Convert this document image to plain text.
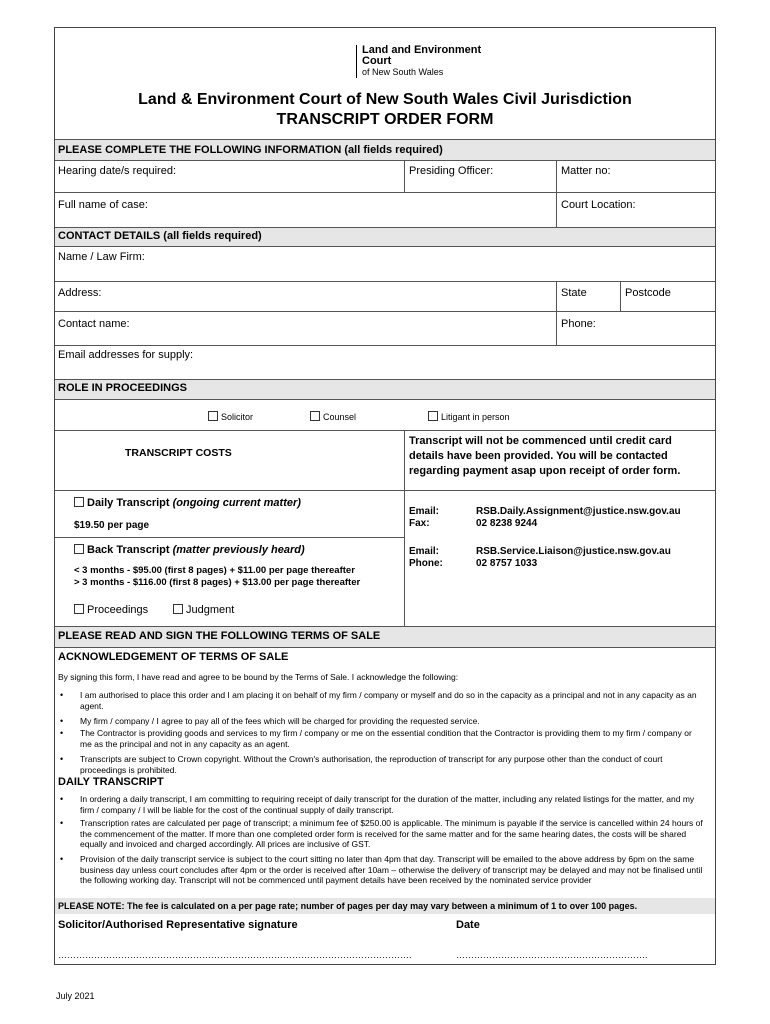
Land and Environment
Court
of New South Wales
Land & Environment Court of New South Wales Civil Jurisdiction
TRANSCRIPT ORDER FORM
PLEASE COMPLETE THE FOLLOWING INFORMATION (all fields required)
Hearing date/s required:	Presiding Officer:	Matter no:
Full name of case:	Court Location:
CONTACT DETAILS (all fields required)
Name / Law Firm:
Address:	State	Postcode
Contact name:	Phone:
Email addresses for supply:
ROLE IN PROCEEDINGS
Solicitor	Counsel	Litigant in person
TRANSCRIPT COSTS
Transcript will not be commenced until credit card details have been provided. You will be contacted regarding payment asap upon receipt of order form.
Daily Transcript (ongoing current matter)
$19.50 per page
Email:	RSB.Daily.Assignment@justice.nsw.gov.au
Fax:	02 8238 9244
Back Transcript (matter previously heard)
< 3 months - $95.00 (first 8 pages) + $11.00 per page thereafter
> 3 months - $116.00 (first 8 pages) + $13.00 per page thereafter
Email:	RSB.Service.Liaison@justice.nsw.gov.au
Phone:	02 8757 1033
Proceedings	Judgment
PLEASE READ AND SIGN THE FOLLOWING TERMS OF SALE
ACKNOWLEDGEMENT OF TERMS OF SALE
By signing this form, I have read and agree to be bound by the Terms of Sale. I acknowledge the following:
• I am authorised to place this order and I am placing it on behalf of my firm / company or myself and do so in the capacity as a principal and not in any capacity as an agent.
• My firm / company / I agree to pay all of the fees which will be charged for providing the requested service.
• The Contractor is providing goods and services to my firm / company or me on the essential condition that the Contractor is providing them to my firm / company or me as the principal and not in any capacity as an agent.
• Transcripts are subject to Crown copyright. Without the Crown's authorisation, the reproduction of transcript for any purpose other than the conduct of court proceedings is prohibited.
DAILY TRANSCRIPT
• In ordering a daily transcript, I am committing to requiring receipt of daily transcript for the duration of the matter, including any related listings for the matter, and my firm / company / I will be liable for the cost of the continual supply of daily transcript.
• Transcription rates are calculated per page of transcript; a minimum fee of $250.00 is applicable. The minimum is payable if the service is cancelled within 24 hours of the commencement of the matter. If more than one completed order form is received for the same matter and for the same hearing dates, the costs will be shared equally and invoiced and charged accordingly. All prices are inclusive of GST.
• Provision of the daily transcript service is subject to the court sitting no later than 4pm that day. Transcript will be emailed to the above address by 6pm on the same business day unless court concludes after 4pm or the order is received after 10am – otherwise the delivery of transcript may be delayed and may not be finalised until the following working day. Transcript will not be commenced until payment details have been received by the nominated service provider
PLEASE NOTE: The fee is calculated on a per page rate; number of pages per day may vary between a minimum of 1 to over 100 pages.
Solicitor/Authorised Representative signature	Date
……………………………………………………………………………………………………….	……………………………………………………….
July 2021
